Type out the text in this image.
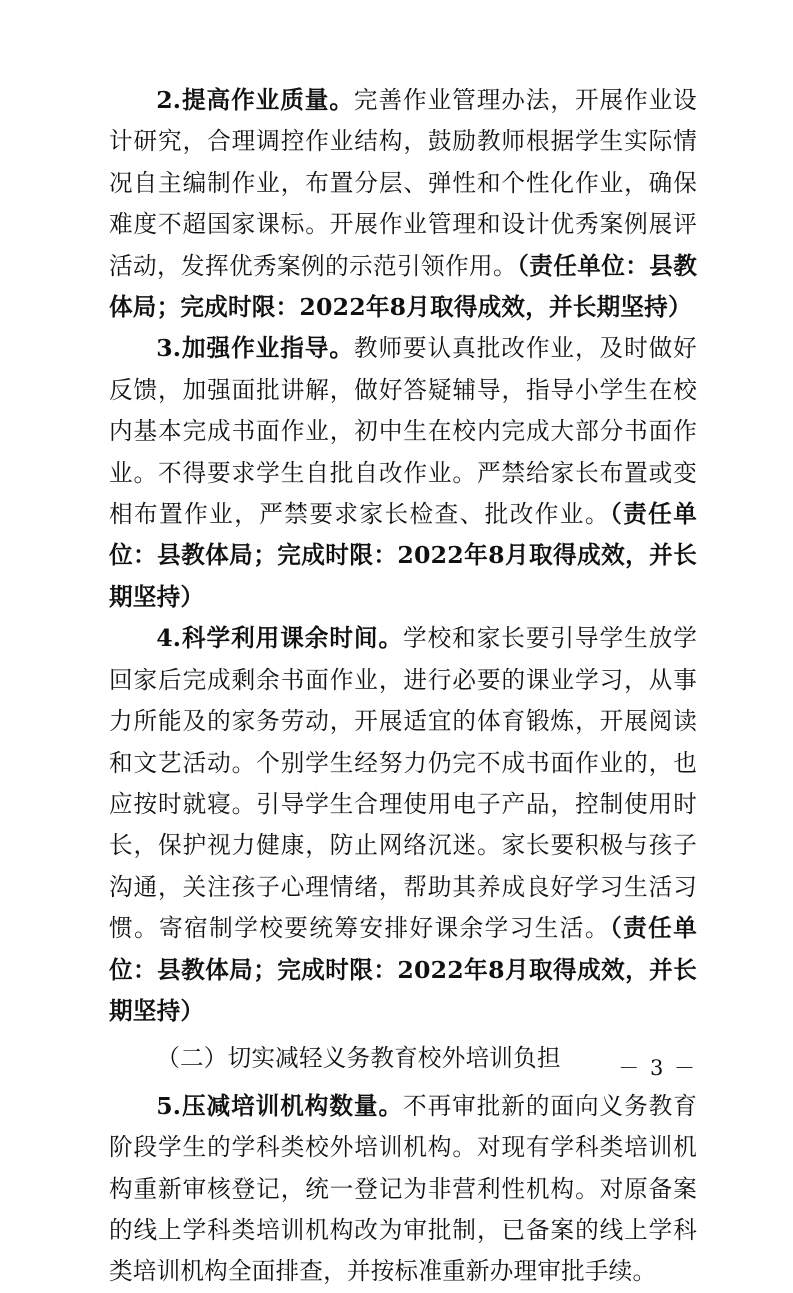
2.提高作业质量。完善作业管理办法，开展作业设计研究，合理调控作业结构，鼓励教师根据学生实际情况自主编制作业，布置分层、弹性和个性化作业，确保难度不超国家课标。开展作业管理和设计优秀案例展评活动，发挥优秀案例的示范引领作用。（责任单位：县教体局；完成时限：2022年8月取得成效，并长期坚持）

3.加强作业指导。教师要认真批改作业，及时做好反馈，加强面批讲解，做好答疑辅导，指导小学生在校内基本完成书面作业，初中生在校内完成大部分书面作业。不得要求学生自批自改作业。严禁给家长布置或变相布置作业，严禁要求家长检查、批改作业。（责任单位：县教体局；完成时限：2022年8月取得成效，并长期坚持）

4.科学利用课余时间。学校和家长要引导学生放学回家后完成剩余书面作业，进行必要的课业学习，从事力所能及的家务劳动，开展适宜的体育锻炼，开展阅读和文艺活动。个别学生经努力仍完不成书面作业的，也应按时就寝。引导学生合理使用电子产品，控制使用时长，保护视力健康，防止网络沉迷。家长要积极与孩子沟通，关注孩子心理情绪，帮助其养成良好学习生活习惯。寄宿制学校要统筹安排好课余学习生活。（责任单位：县教体局；完成时限：2022年8月取得成效，并长期坚持）

（二）切实减轻义务教育校外培训负担

5.压减培训机构数量。不再审批新的面向义务教育阶段学生的学科类校外培训机构。对现有学科类培训机构重新审核登记，统一登记为非营利性机构。对原备案的线上学科类培训机构改为审批制，已备案的线上学科类培训机构全面排查，并按标准重新办理审批手续。

－ 3 －
